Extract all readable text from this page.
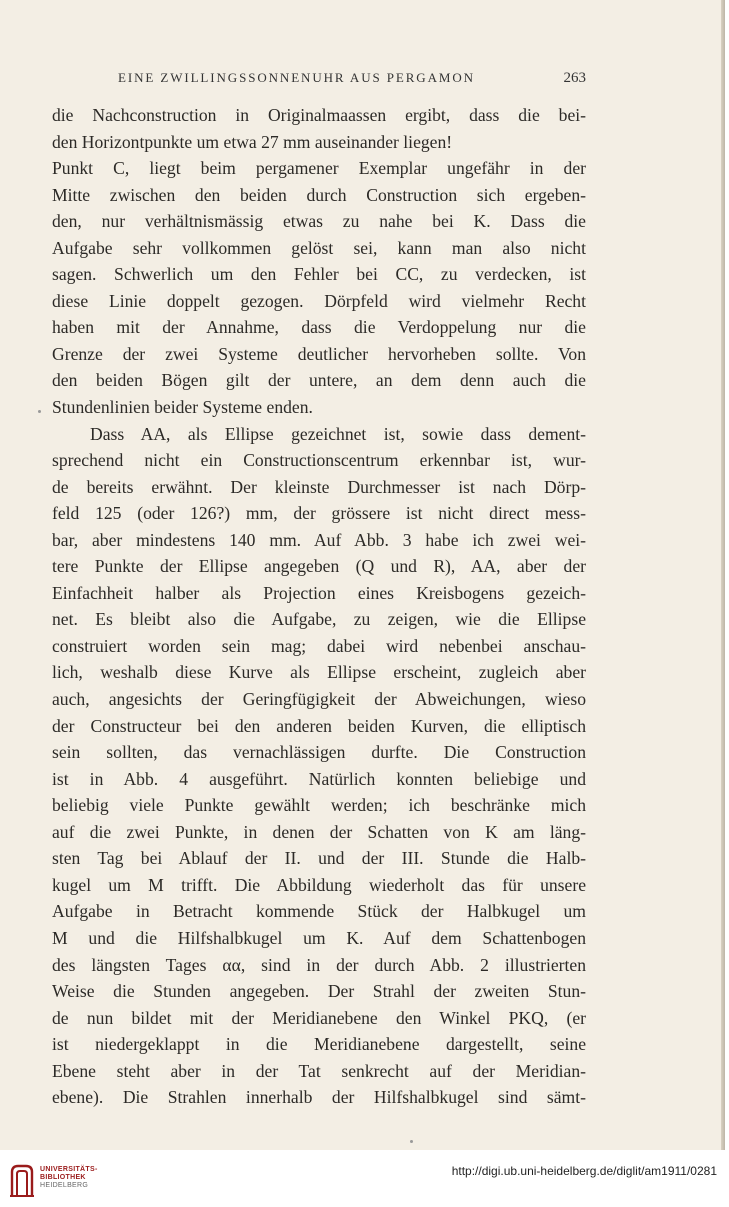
EINE ZWILLINGSSONNENUHR AUS PERGAMON	263
die Nachconstruction in Originalmaassen ergibt, dass die bei-
den Horizontpunkte um etwa 27 mm auseinander liegen!
Punkt C, liegt beim pergamener Exemplar ungefähr in der
Mitte zwischen den beiden durch Construction sich ergeben-
den, nur verhältnismässig etwas zu nahe bei K. Dass die
Aufgabe sehr vollkommen gelöst sei, kann man also nicht
sagen. Schwerlich um den Fehler bei CC, zu verdecken, ist
diese Linie doppelt gezogen. Dörpfeld wird vielmehr Recht
haben mit der Annahme, dass die Verdoppelung nur die
Grenze der zwei Systeme deutlicher hervorheben sollte. Von
den beiden Bögen gilt der untere, an dem denn auch die
Stundenlinien beider Systeme enden.
Dass AA, als Ellipse gezeichnet ist, sowie dass dement-
sprechend nicht ein Constructionscentrum erkennbar ist, wur-
de bereits erwähnt. Der kleinste Durchmesser ist nach Dörp-
feld 125 (oder 126?) mm, der grössere ist nicht direct mess-
bar, aber mindestens 140 mm. Auf Abb. 3 habe ich zwei wei-
tere Punkte der Ellipse angegeben (Q und R), AA, aber der
Einfachheit halber als Projection eines Kreisbogens gezeich-
net. Es bleibt also die Aufgabe, zu zeigen, wie die Ellipse
construiert worden sein mag; dabei wird nebenbei anschau-
lich, weshalb diese Kurve als Ellipse erscheint, zugleich aber
auch, angesichts der Geringfügigkeit der Abweichungen, wieso
der Constructeur bei den anderen beiden Kurven, die elliptisch
sein sollten, das vernachlässigen durfte. Die Construction
ist in Abb. 4 ausgeführt. Natürlich konnten beliebige und
beliebig viele Punkte gewählt werden; ich beschränke mich
auf die zwei Punkte, in denen der Schatten von K am läng-
sten Tag bei Ablauf der II. und der III. Stunde die Halb-
kugel um M trifft. Die Abbildung wiederholt das für unsere
Aufgabe in Betracht kommende Stück der Halbkugel um
M und die Hilfshalbkugel um K. Auf dem Schattenbogen
des längsten Tages αα, sind in der durch Abb. 2 illustrierten
Weise die Stunden angegeben. Der Strahl der zweiten Stun-
de nun bildet mit der Meridianebene den Winkel PKQ, (er
ist niedergeklappt in die Meridianebene dargestellt, seine
Ebene steht aber in der Tat senkrecht auf der Meridian-
ebene). Die Strahlen innerhalb der Hilfshalbkugel sind sämt-
UNIVERSITÄTS-
BIBLIOTHEK
HEIDELBERG
http://digi.ub.uni-heidelberg.de/diglit/am1911/0281
